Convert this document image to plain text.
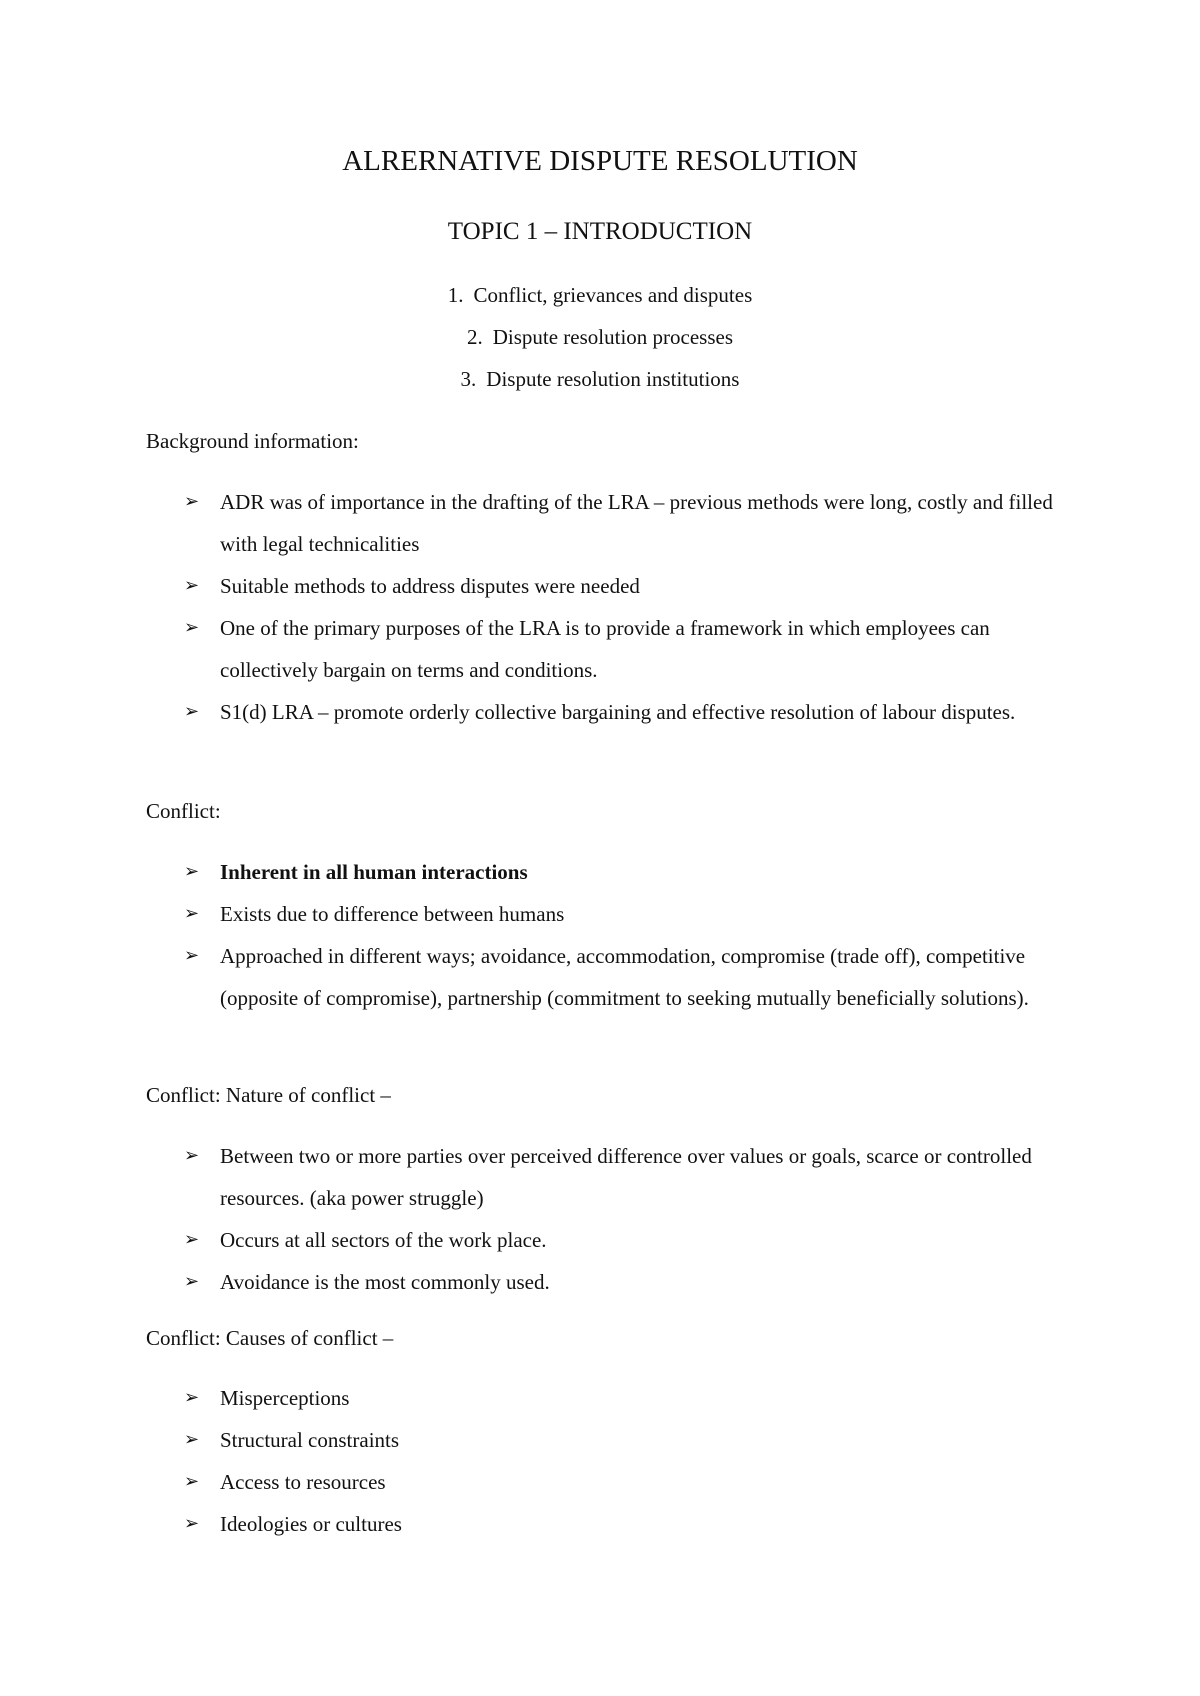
ALRERNATIVE DISPUTE RESOLUTION
TOPIC 1 – INTRODUCTION
1. Conflict, grievances and disputes
2. Dispute resolution processes
3. Dispute resolution institutions
Background information:
➢ ADR was of importance in the drafting of the LRA – previous methods were long, costly and filled with legal technicalities
➢ Suitable methods to address disputes were needed
➢ One of the primary purposes of the LRA is to provide a framework in which employees can collectively bargain on terms and conditions.
➢ S1(d) LRA – promote orderly collective bargaining and effective resolution of labour disputes.
Conflict:
➢ Inherent in all human interactions
➢ Exists due to difference between humans
➢ Approached in different ways; avoidance, accommodation, compromise (trade off), competitive (opposite of compromise), partnership (commitment to seeking mutually beneficially solutions).
Conflict: Nature of conflict –
➢ Between two or more parties over perceived difference over values or goals, scarce or controlled resources. (aka power struggle)
➢ Occurs at all sectors of the work place.
➢ Avoidance is the most commonly used.
Conflict: Causes of conflict –
➢ Misperceptions
➢ Structural constraints
➢ Access to resources
➢ Ideologies or cultures
